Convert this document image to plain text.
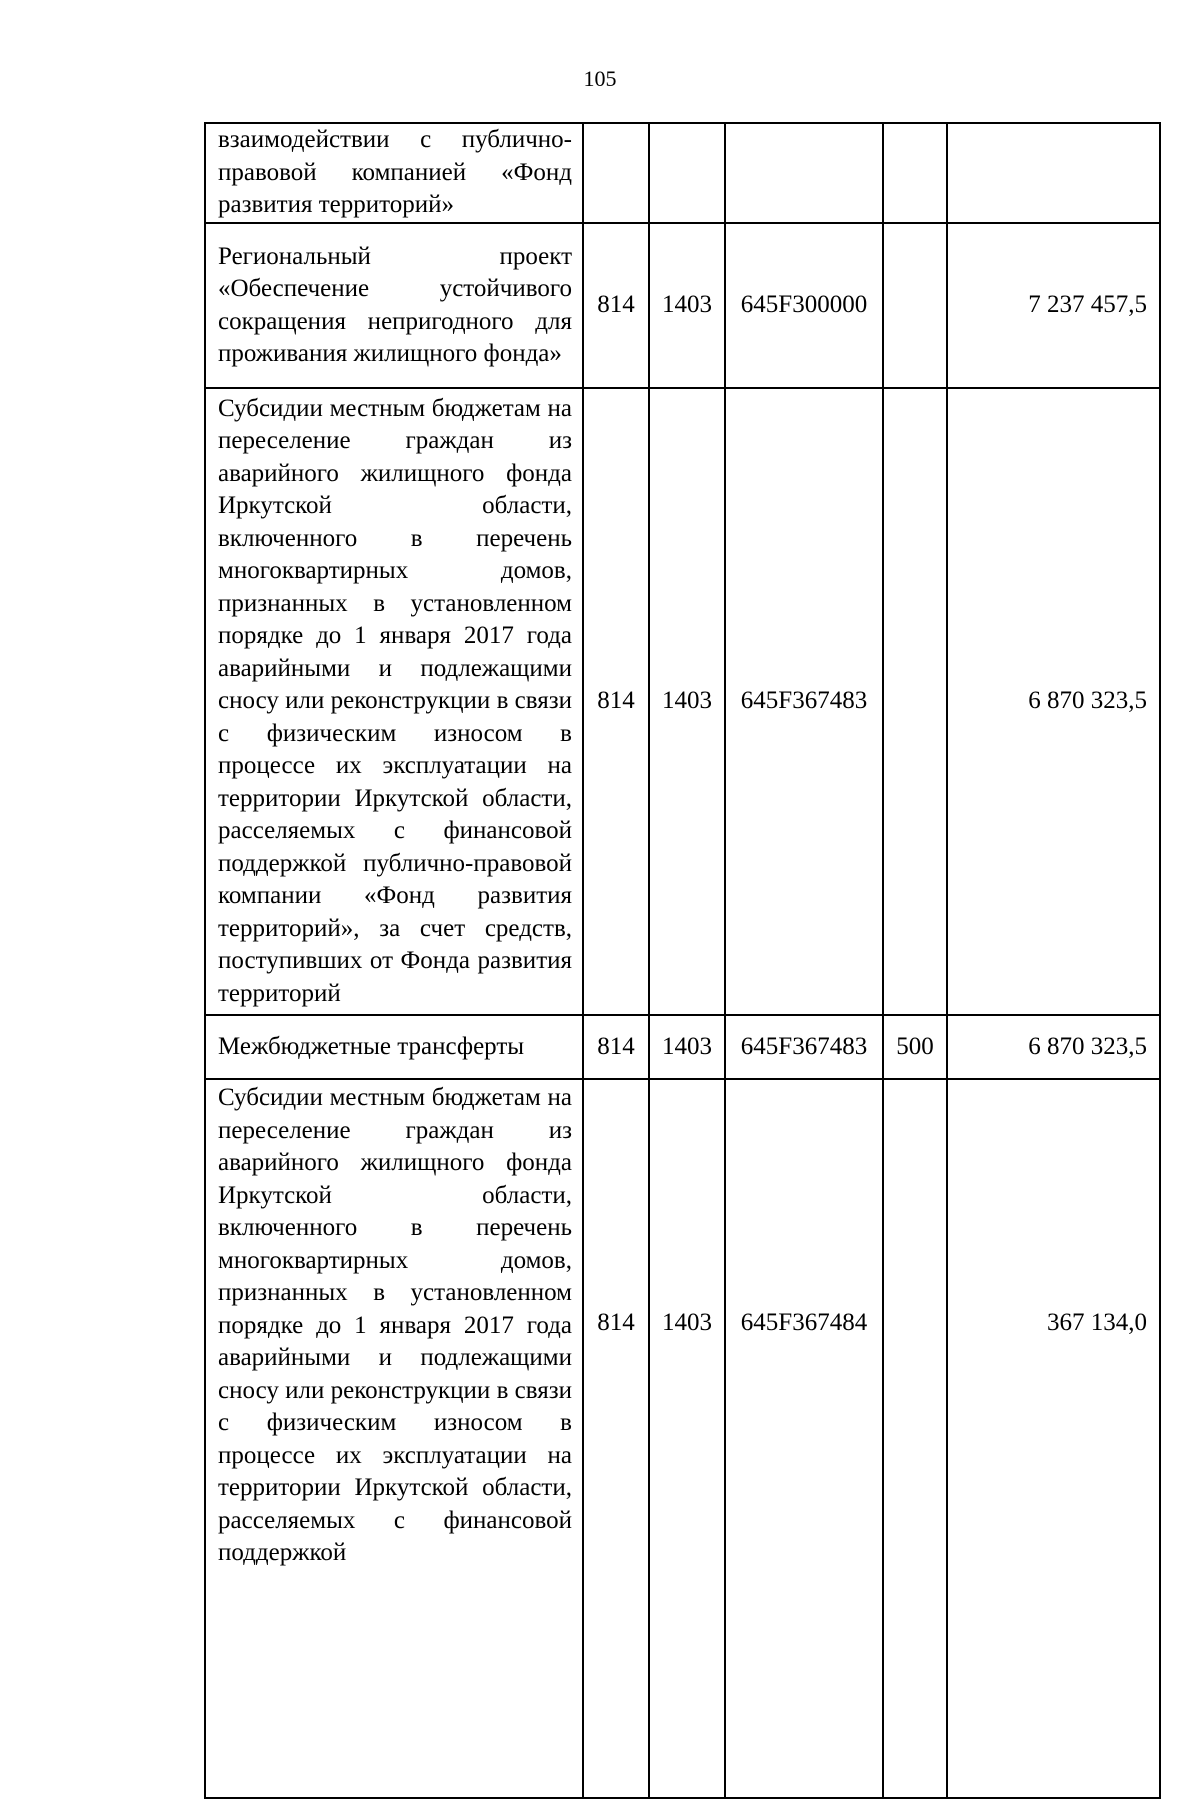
105
взаимодействии с публично-правовой компанией «Фонд развития территорий»					
Региональный проект «Обеспечение устойчивого сокращения непригодного для проживания жилищного фонда»	814	1403	645F300000		7 237 457,5
Субсидии местным бюджетам на переселение граждан из аварийного жилищного фонда Иркутской области, включенного в перечень многоквартирных домов, признанных в установленном порядке до 1 января 2017 года аварийными и подлежащими сносу или реконструкции в связи с физическим износом в процессе их эксплуатации на территории Иркутской области, расселяемых с финансовой поддержкой публично-правовой компании «Фонд развития территорий», за счет средств, поступивших от Фонда развития территорий	814	1403	645F367483		6 870 323,5
Межбюджетные трансферты	814	1403	645F367483	500	6 870 323,5
Субсидии местным бюджетам на переселение граждан из аварийного жилищного фонда Иркутской области, включенного в перечень многоквартирных домов, признанных в установленном порядке до 1 января 2017 года аварийными и подлежащими сносу или реконструкции в связи с физическим износом в процессе их эксплуатации на территории Иркутской области, расселяемых с финансовой поддержкой	814	1403	645F367484		367 134,0
